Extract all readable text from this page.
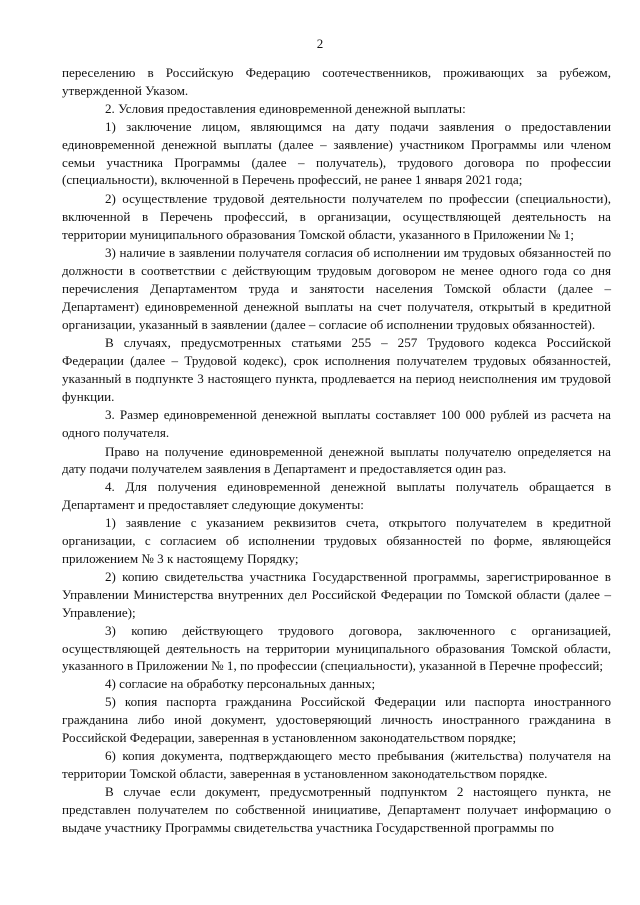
2

переселению в Российскую Федерацию соотечественников, проживающих за рубежом, утвержденной Указом.

2. Условия предоставления единовременной денежной выплаты:

1) заключение лицом, являющимся на дату подачи заявления о предоставлении единовременной денежной выплаты (далее – заявление) участником Программы или членом семьи участника Программы (далее – получатель), трудового договора по профессии (специальности), включенной в Перечень профессий, не ранее 1 января 2021 года;

2) осуществление трудовой деятельности получателем по профессии (специальности), включенной в Перечень профессий, в организации, осуществляющей деятельность на территории муниципального образования Томской области, указанного в Приложении № 1;

3) наличие в заявлении получателя согласия об исполнении им трудовых обязанностей по должности в соответствии с действующим трудовым договором не менее одного года со дня перечисления Департаментом труда и занятости населения Томской области (далее – Департамент) единовременной денежной выплаты на счет получателя, открытый в кредитной организации, указанный в заявлении (далее – согласие об исполнении трудовых обязанностей).

В случаях, предусмотренных статьями 255 – 257 Трудового кодекса Российской Федерации (далее – Трудовой кодекс), срок исполнения получателем трудовых обязанностей, указанный в подпункте 3 настоящего пункта, продлевается на период неисполнения им трудовой функции.

3. Размер единовременной денежной выплаты составляет 100 000 рублей из расчета на одного получателя.

Право на получение единовременной денежной выплаты получателю определяется на дату подачи получателем заявления в Департамент и предоставляется один раз.

4. Для получения единовременной денежной выплаты получатель обращается в Департамент и предоставляет следующие документы:

1) заявление с указанием реквизитов счета, открытого получателем в кредитной организации, с согласием об исполнении трудовых обязанностей по форме, являющейся приложением № 3 к настоящему Порядку;

2) копию свидетельства участника Государственной программы, зарегистрированное в Управлении Министерства внутренних дел Российской Федерации по Томской области (далее – Управление);

3) копию действующего трудового договора, заключенного с организацией, осуществляющей деятельность на территории муниципального образования Томской области, указанного в Приложении № 1, по профессии (специальности), указанной в Перечне профессий;

4) согласие на обработку персональных данных;

5) копия паспорта гражданина Российской Федерации или паспорта иностранного гражданина либо иной документ, удостоверяющий личность иностранного гражданина в Российской Федерации, заверенная в установленном законодательством порядке;

6) копия документа, подтверждающего место пребывания (жительства) получателя на территории Томской области, заверенная в установленном законодательством порядке.

В случае если документ, предусмотренный подпунктом 2 настоящего пункта, не представлен получателем по собственной инициативе, Департамент получает информацию о выдаче участнику Программы свидетельства участника Государственной программы по
